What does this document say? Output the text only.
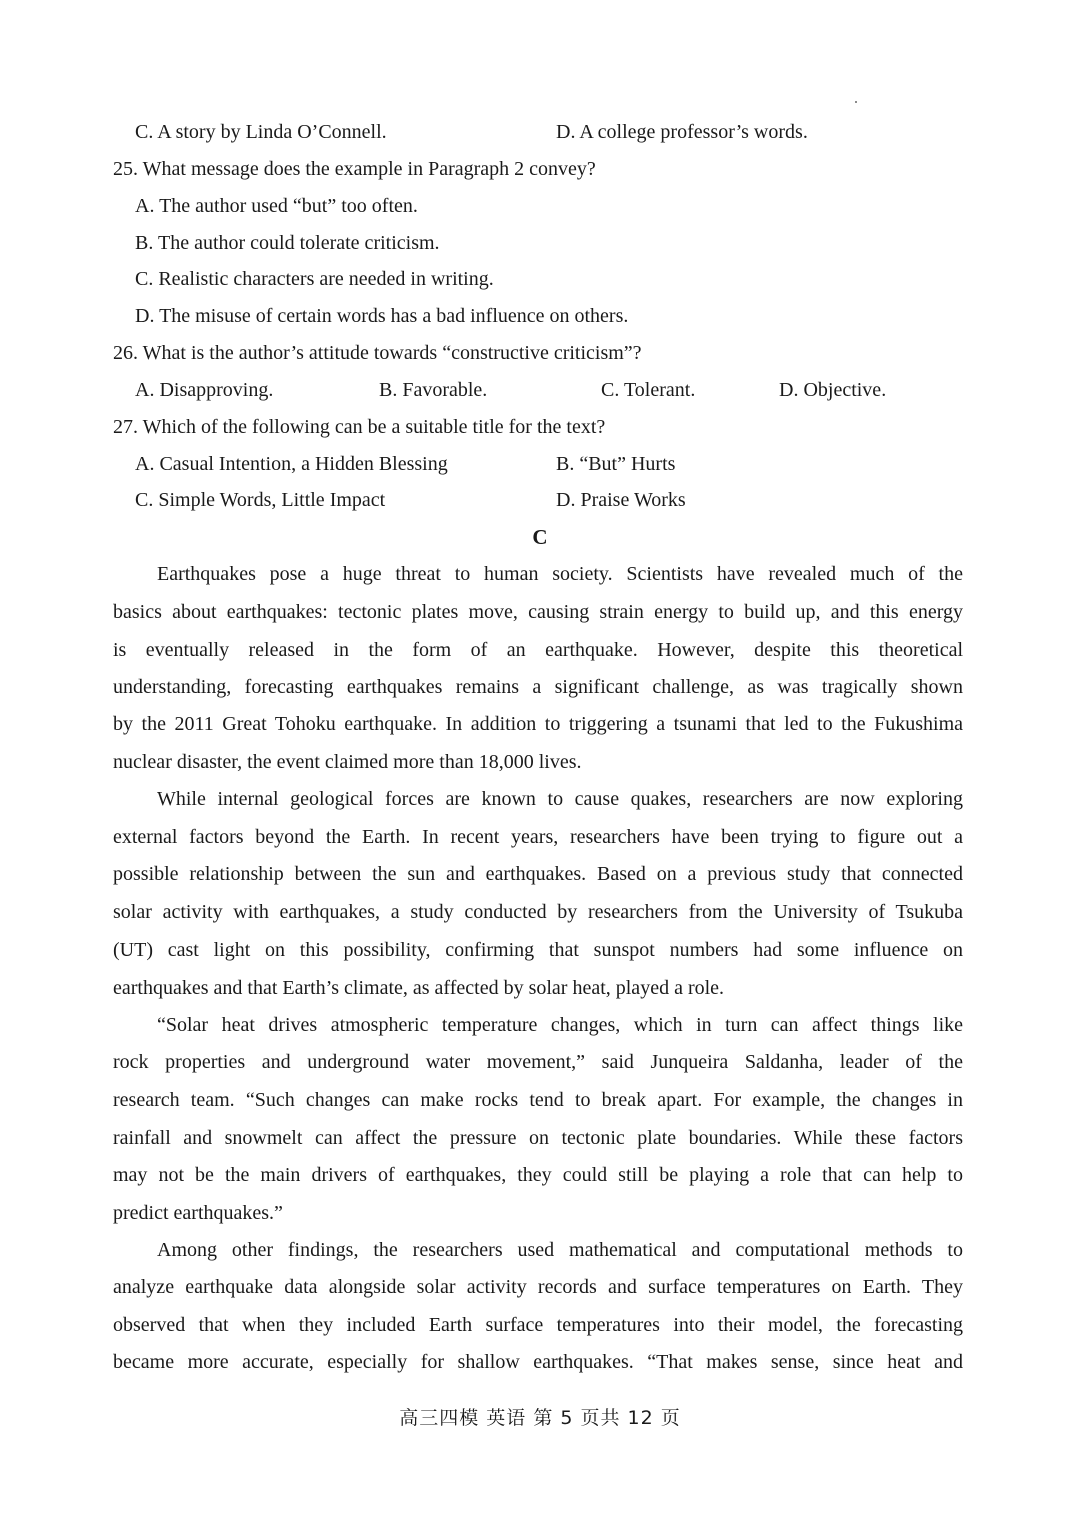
C. A story by Linda O’Connell.	D. A college professor’s words.
25. What message does the example in Paragraph 2 convey?
A. The author used “but” too often.
B. The author could tolerate criticism.
C. Realistic characters are needed in writing.
D. The misuse of certain words has a bad influence on others.
26. What is the author’s attitude towards “constructive criticism”?
A. Disapproving.	B. Favorable.	C. Tolerant.	D. Objective.
27. Which of the following can be a suitable title for the text?
A. Casual Intention, a Hidden Blessing	B. “But” Hurts
C. Simple Words, Little Impact	D. Praise Works
C
Earthquakes pose a huge threat to human society. Scientists have revealed much of the
basics about earthquakes: tectonic plates move, causing strain energy to build up, and this energy
is eventually released in the form of an earthquake. However, despite this theoretical
understanding, forecasting earthquakes remains a significant challenge, as was tragically shown
by the 2011 Great Tohoku earthquake. In addition to triggering a tsunami that led to the Fukushima
nuclear disaster, the event claimed more than 18,000 lives.
While internal geological forces are known to cause quakes, researchers are now exploring
external factors beyond the Earth. In recent years, researchers have been trying to figure out a
possible relationship between the sun and earthquakes. Based on a previous study that connected
solar activity with earthquakes, a study conducted by researchers from the University of Tsukuba
(UT) cast light on this possibility, confirming that sunspot numbers had some influence on
earthquakes and that Earth’s climate, as affected by solar heat, played a role.
“Solar heat drives atmospheric temperature changes, which in turn can affect things like
rock properties and underground water movement,” said Junqueira Saldanha, leader of the
research team. “Such changes can make rocks tend to break apart. For example, the changes in
rainfall and snowmelt can affect the pressure on tectonic plate boundaries. While these factors
may not be the main drivers of earthquakes, they could still be playing a role that can help to
predict earthquakes.”
Among other findings, the researchers used mathematical and computational methods to
analyze earthquake data alongside solar activity records and surface temperatures on Earth. They
observed that when they included Earth surface temperatures into their model, the forecasting
became more accurate, especially for shallow earthquakes. “That makes sense, since heat and
高三四模 英语 第 5 页共 12 页
